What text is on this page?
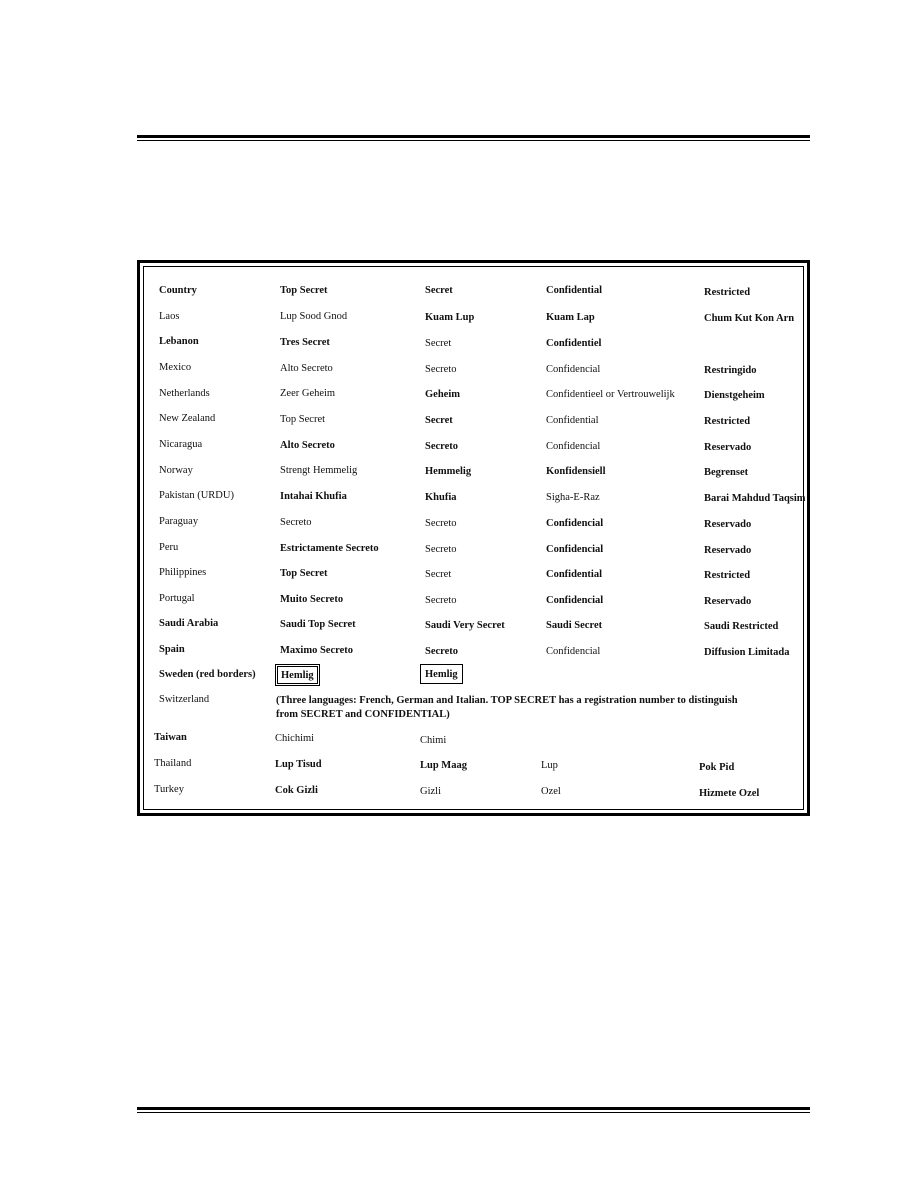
Country	Top Secret	Secret	Confidential	Restricted
Laos	Lup Sood Gnod	Kuam Lup	Kuam Lap	Chum Kut Kon Arn
Lebanon	Tres Secret	Secret	Confidentiel
Mexico	Alto Secreto	Secreto	Confidencial	Restringido
Netherlands	Zeer Geheim	Geheim	Confidentieel or Vertrouwelijk	Dienstgeheim
New Zealand	Top Secret	Secret	Confidential	Restricted
Nicaragua	Alto Secreto	Secreto	Confidencial	Reservado
Norway	Strengt Hemmelig	Hemmelig	Konfidensiell	Begrenset
Pakistan (URDU)	Intahai Khufia	Khufia	Sigha-E-Raz	Barai Mahdud Taqsim
Paraguay	Secreto	Secreto	Confidencial	Reservado
Peru	Estrictamente Secreto	Secreto	Confidencial	Reservado
Philippines	Top Secret	Secret	Confidential	Restricted
Portugal	Muito Secreto	Secreto	Confidencial	Reservado
Saudi Arabia	Saudi Top Secret	Saudi Very Secret	Saudi Secret	Saudi Restricted
Spain	Maximo Secreto	Secreto	Confidencial	Diffusion Limitada
Sweden (red borders)	Hemlig	Hemlig
Switzerland	(Three languages: French, German and Italian. TOP SECRET has a registration number to distinguish
from SECRET and CONFIDENTIAL)
Taiwan	Chichimi	Chimi
Thailand	Lup Tisud	Lup Maag	Lup	Pok Pid
Turkey	Cok Gizli	Gizli	Ozel	Hizmete Ozel
